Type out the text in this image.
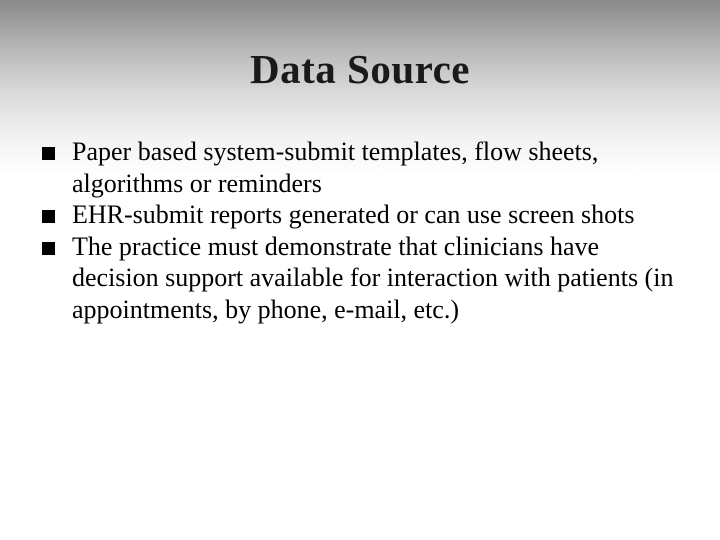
Data Source
Paper based system-submit templates, flow sheets, algorithms or reminders
EHR-submit reports generated or can use screen shots
The practice must demonstrate that clinicians have decision support available for interaction with patients (in appointments, by phone, e-mail, etc.)
